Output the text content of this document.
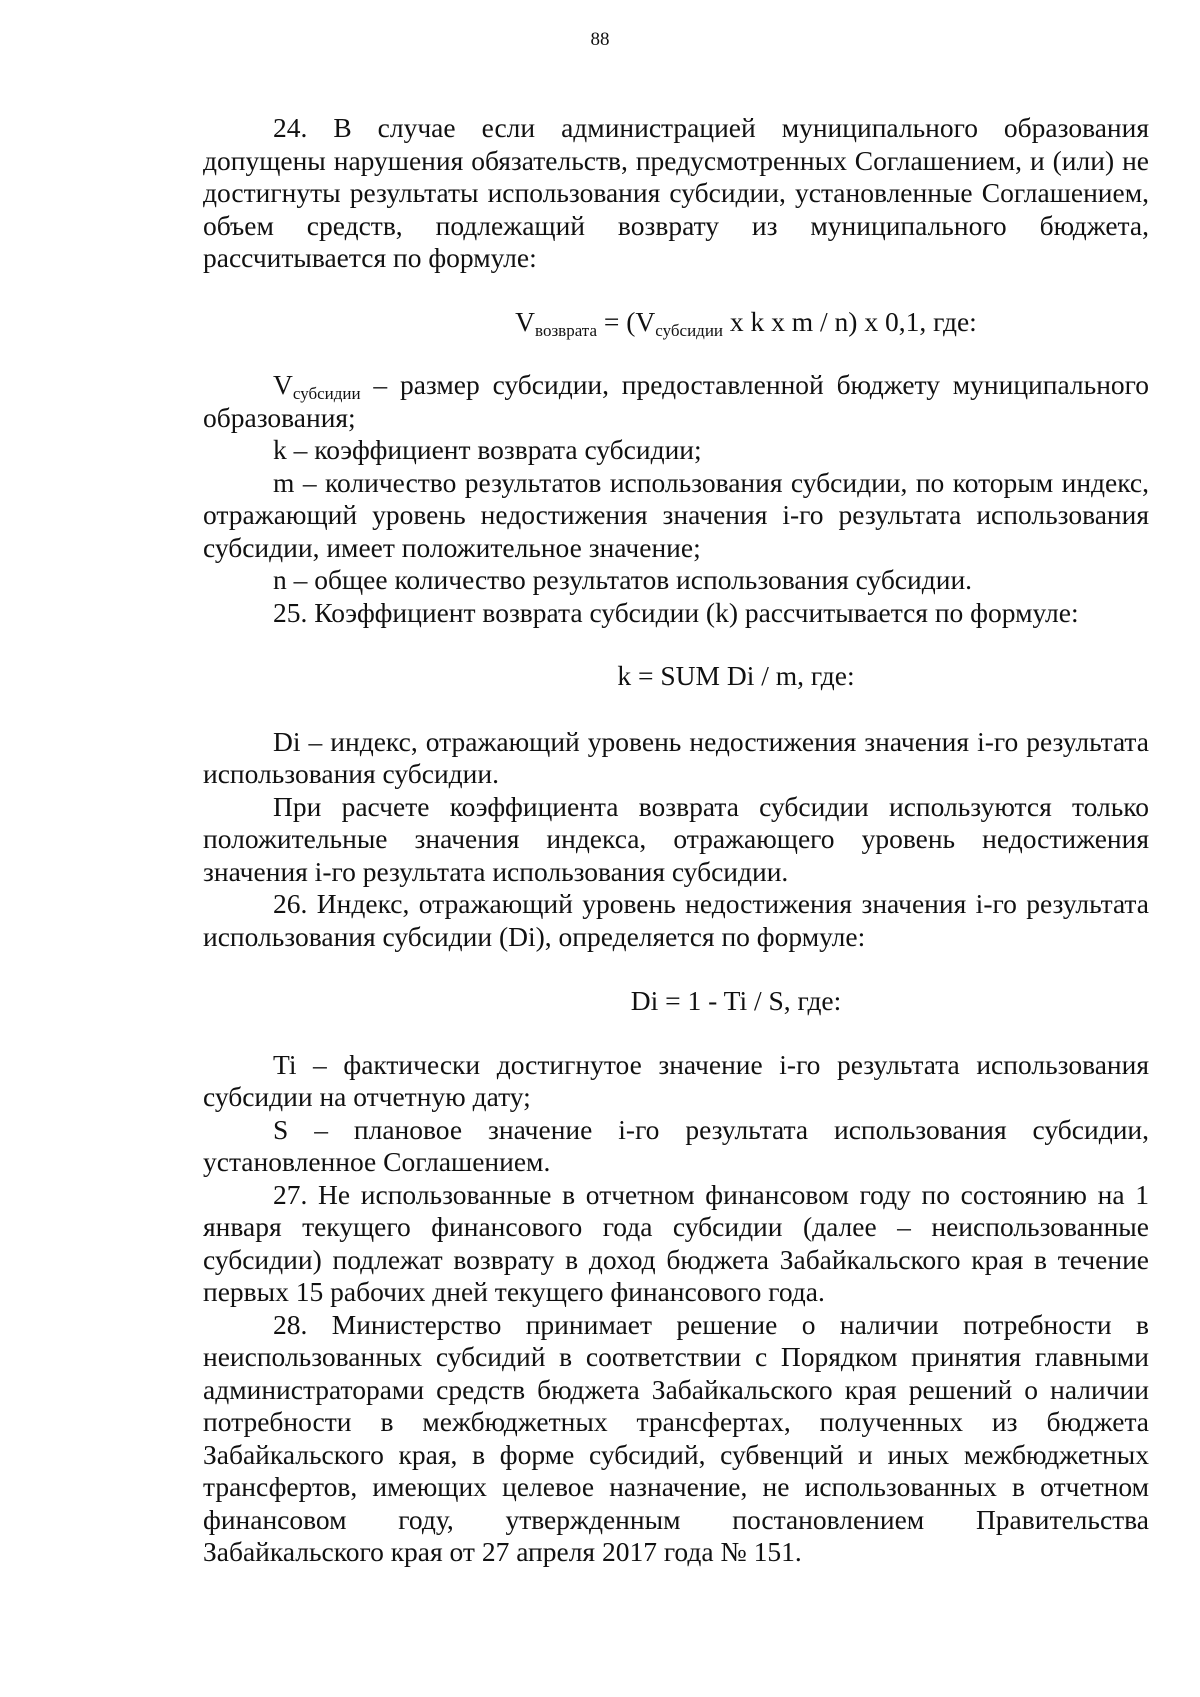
88

24. В случае если администрацией муниципального образования допущены нарушения обязательств, предусмотренных Соглашением, и (или) не достигнуты результаты использования субсидии, установленные Соглашением, объем средств, подлежащий возврату из муниципального бюджета, рассчитывается по формуле:

$V_{возврата} = (V_{субсидии}$ x k x m / n) x 0,1, где:

$V_{субсидии}$ – размер субсидии, предоставленной бюджету муниципального образования;

k – коэффициент возврата субсидии;

m – количество результатов использования субсидии, по которым индекс, отражающий уровень недостижения значения i-го результата использования субсидии, имеет положительное значение;

n – общее количество результатов использования субсидии.

25. Коэффициент возврата субсидии (k) рассчитывается по формуле:

k = SUM Di / m, где:

Di – индекс, отражающий уровень недостижения значения i-го результата использования субсидии.

При расчете коэффициента возврата субсидии используются только положительные значения индекса, отражающего уровень недостижения значения i-го результата использования субсидии.

26. Индекс, отражающий уровень недостижения значения i-го результата использования субсидии (Di), определяется по формуле:

Di = 1 - Ti / S, где:

Ti – фактически достигнутое значение i-го результата использования субсидии на отчетную дату;

S – плановое значение i-го результата использования субсидии, установленное Соглашением.

27. Не использованные в отчетном финансовом году по состоянию на 1 января текущего финансового года субсидии (далее – неиспользованные субсидии) подлежат возврату в доход бюджета Забайкальского края в течение первых 15 рабочих дней текущего финансового года.

28. Министерство принимает решение о наличии потребности в неиспользованных субсидий в соответствии с Порядком принятия главными администраторами средств бюджета Забайкальского края решений о наличии потребности в межбюджетных трансфертах, полученных из бюджета Забайкальского края, в форме субсидий, субвенций и иных межбюджетных трансфертов, имеющих целевое назначение, не использованных в отчетном финансовом году, утвержденным постановлением Правительства Забайкальского края от 27 апреля 2017 года № 151.
